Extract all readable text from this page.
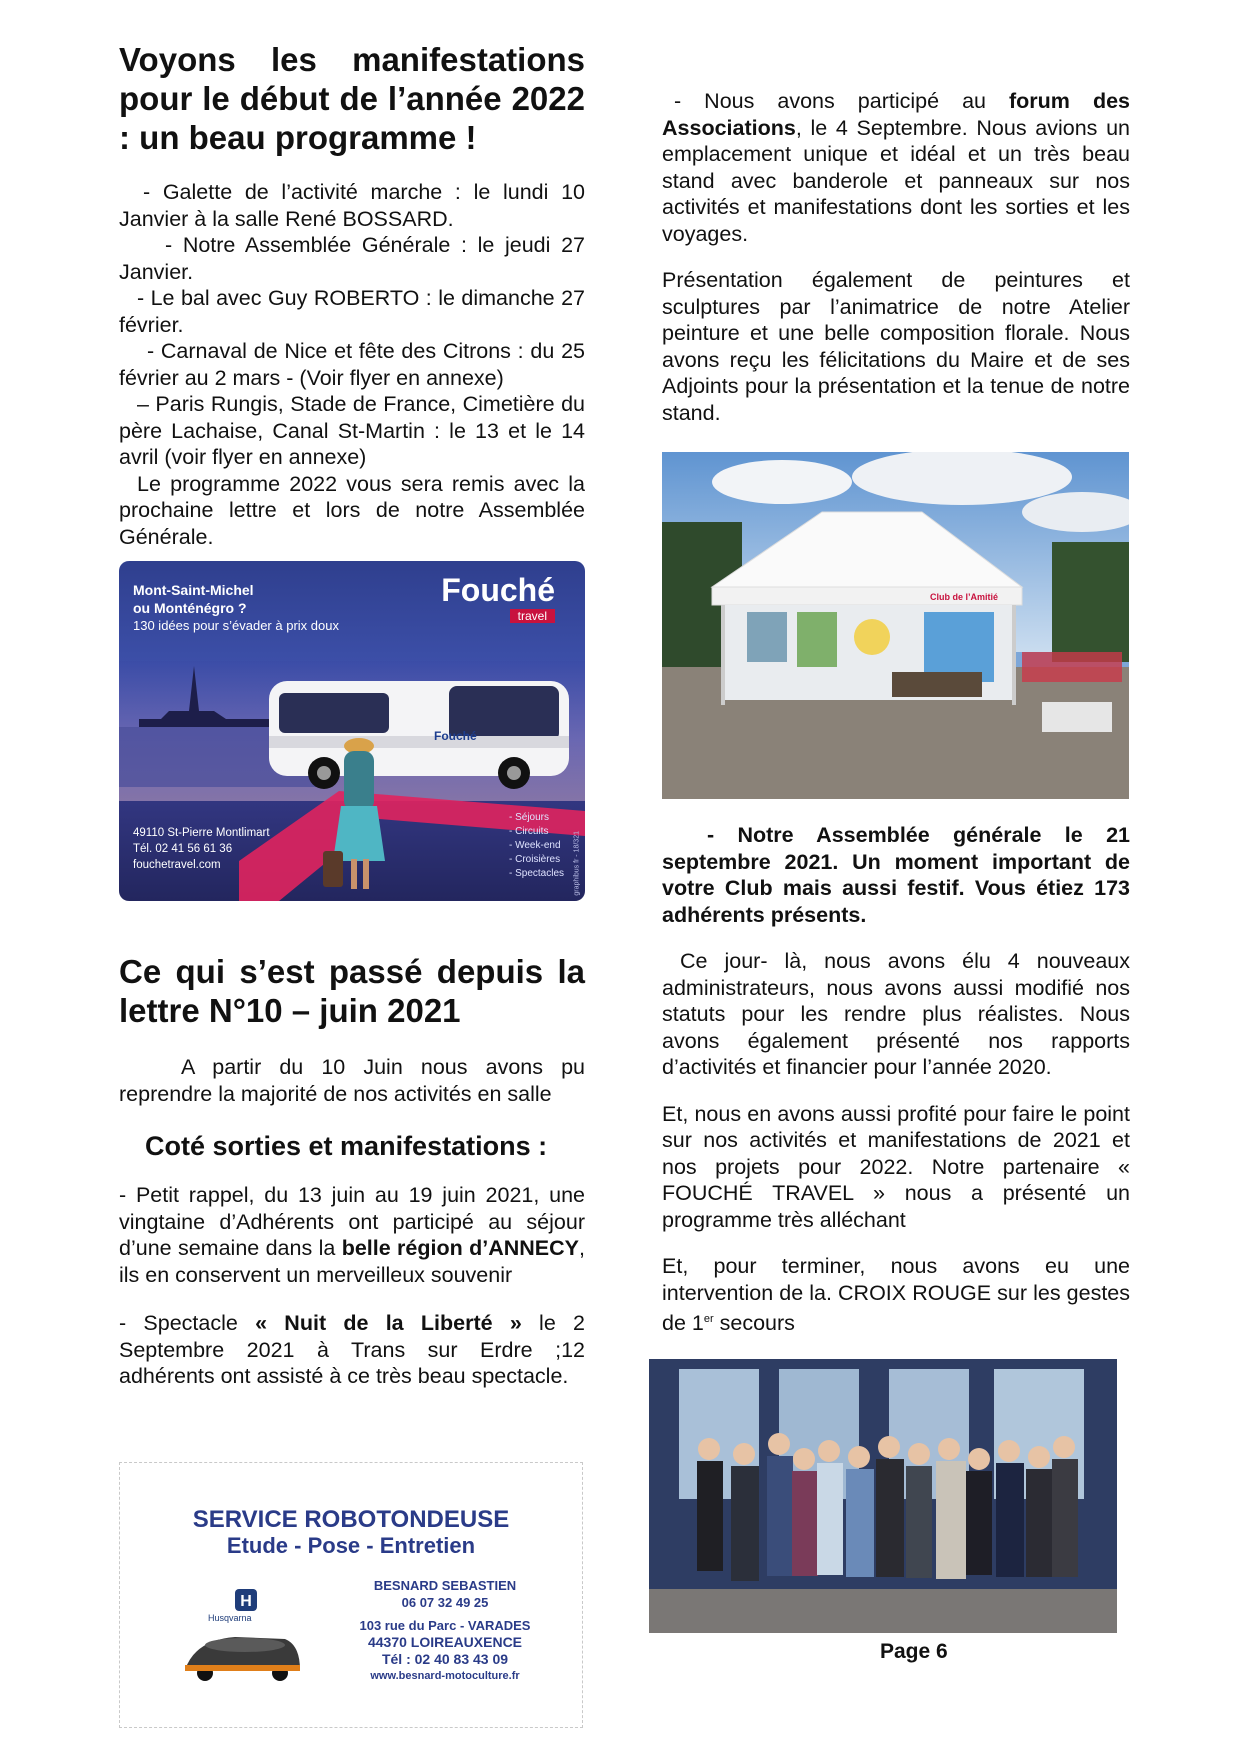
Voyons les manifestations pour le début de l’année 2022 : un beau programme !

- Galette de l’activité marche : le lundi 10 Janvier à la salle René BOSSARD.

- Notre Assemblée Générale : le jeudi 27 Janvier.

- Le bal avec Guy ROBERTO : le dimanche 27 février.

- Carnaval de Nice et fête des Citrons : du 25 février au 2 mars - (Voir flyer en annexe)

– Paris Rungis, Stade de France, Cimetière du père Lachaise, Canal St-Martin : le 13 et le 14 avril (voir flyer en annexe)

Le programme 2022 vous sera remis avec la prochaine lettre et lors de notre Assemblée Générale.

Mont-Saint-Michel
ou Monténégro ?
130 idées pour s’évader à prix doux
Fouché
travel
Fouché
49110 St-Pierre Montlimart
Tél. 02 41 56 61 36
fouchetravel.com
- Séjours
- Circuits
- Week-end
- Croisières
- Spectacles graphibus fr - 18/321
Ce qui s’est passé depuis la lettre N°10 – juin 2021

A partir du 10 Juin nous avons pu reprendre la majorité de nos activités en salle

Coté sorties et manifestations :

- Petit rappel, du 13 juin au 19 juin 2021, une vingtaine d’Adhérents ont participé au séjour d’une semaine dans la belle région d’ANNECY, ils en conservent un merveilleux souvenir

- Spectacle « Nuit de la Liberté » le 2 Septembre 2021 à Trans sur Erdre ;12 adhérents ont assisté à ce très beau spectacle.

SERVICE ROBOTONDEUSE
Etude - Pose - Entretien
H
Husqvarna
BESNARD SEBASTIEN
06 07 32 49 25
103 rue du Parc - VARADES
44370 LOIREAUXENCE
Tél : 02 40 83 43 09
www.besnard-motoculture.fr

- Nous avons participé au forum des Associations, le 4 Septembre. Nous avions un emplacement unique et idéal et un très beau stand avec banderole et panneaux sur nos activités et manifestations dont les sorties et les voyages.

Présentation également de peintures et sculptures par l’animatrice de notre Atelier peinture et une belle composition florale. Nous avons reçu les félicitations du Maire et de ses Adjoints pour la présentation et la tenue de notre stand.

Club de l’Amitié

- Notre Assemblée générale le 21 septembre 2021. Un moment important de votre Club mais aussi festif. Vous étiez 173 adhérents présents.

Ce jour- là, nous avons élu 4 nouveaux administrateurs, nous avons aussi modifié nos statuts pour les rendre plus réalistes. Nous avons également présenté nos rapports d’activités et financier pour l’année 2020.

Et, nous en avons aussi profité pour faire le point sur nos activités et manifestations de 2021 et nos projets pour 2022. Notre partenaire « FOUCHÉ TRAVEL » nous a présenté un programme très alléchant

Et, pour terminer, nous avons eu une intervention de la. CROIX ROUGE sur les gestes de 1er secours

Page 6
